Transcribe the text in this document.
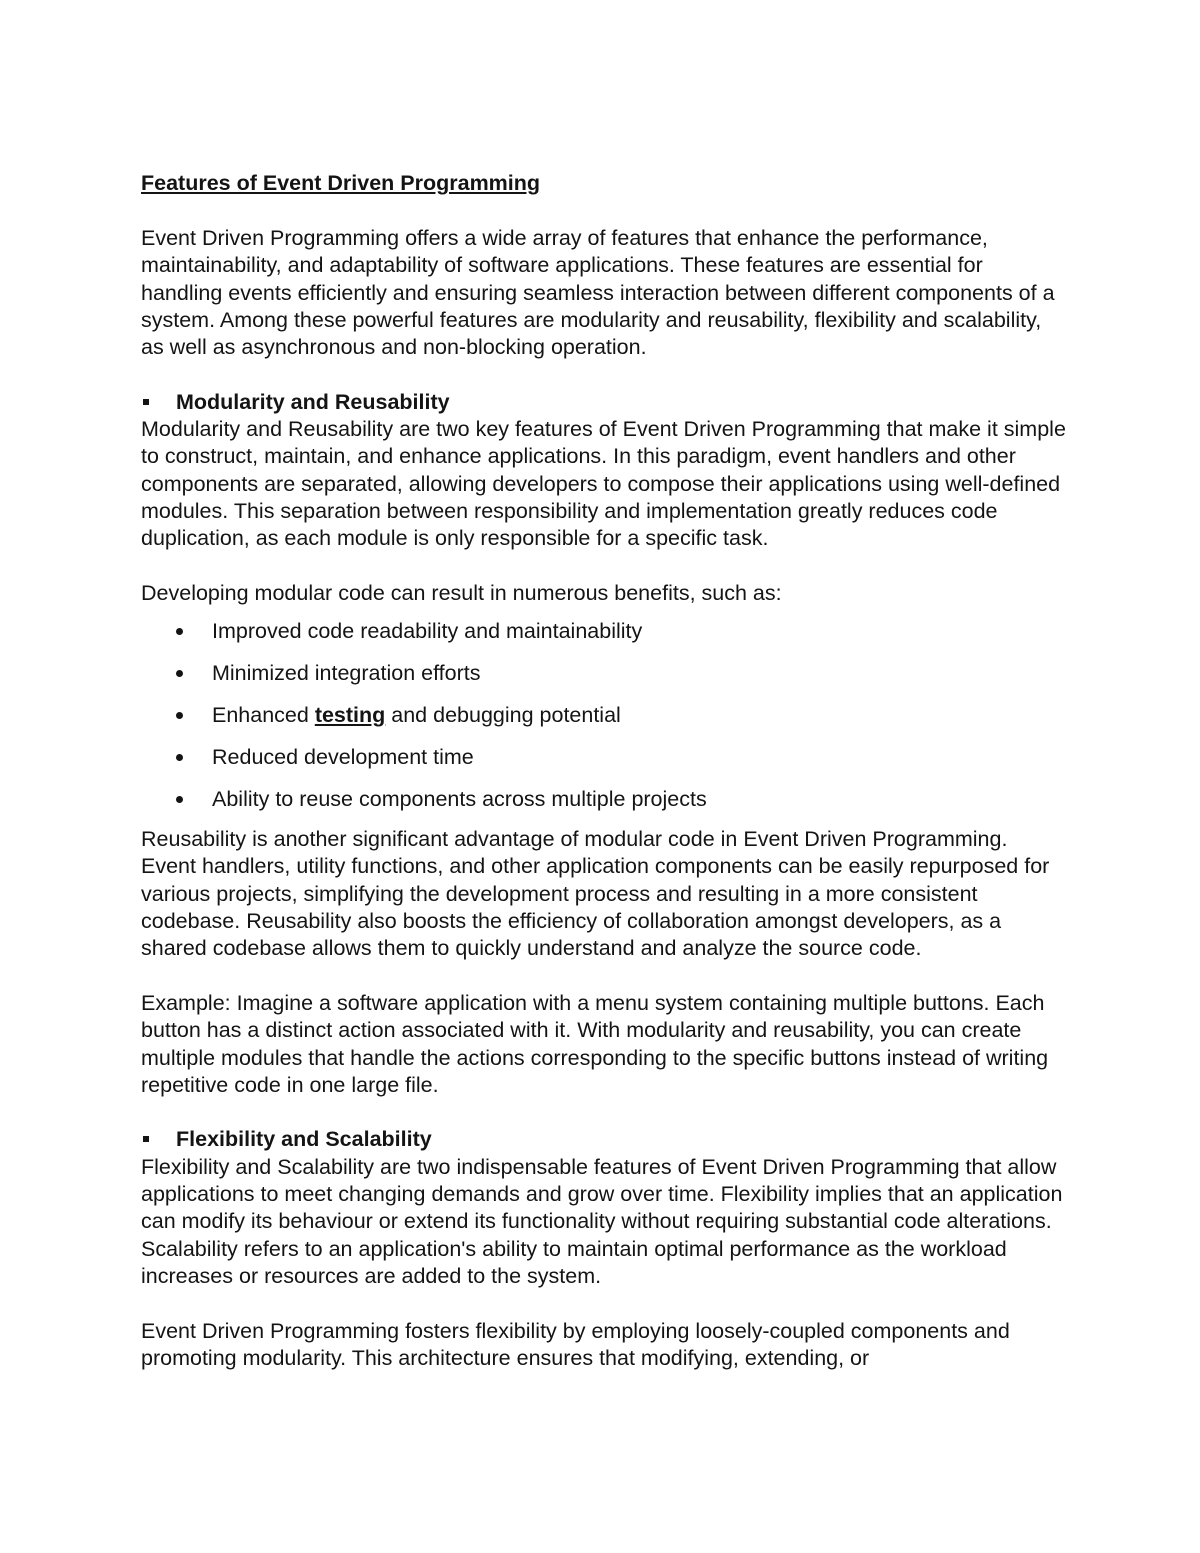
Features of Event Driven Programming

Event Driven Programming offers a wide array of features that enhance the performance, maintainability, and adaptability of software applications. These features are essential for handling events efficiently and ensuring seamless interaction between different components of a system. Among these powerful features are modularity and reusability, flexibility and scalability, as well as asynchronous and non-blocking operation.

Modularity and Reusability

Modularity and Reusability are two key features of Event Driven Programming that make it simple to construct, maintain, and enhance applications. In this paradigm, event handlers and other components are separated, allowing developers to compose their applications using well-defined modules. This separation between responsibility and implementation greatly reduces code duplication, as each module is only responsible for a specific task.

Developing modular code can result in numerous benefits, such as:

Improved code readability and maintainability
Minimized integration efforts
Enhanced testing and debugging potential
Reduced development time
Ability to reuse components across multiple projects

Reusability is another significant advantage of modular code in Event Driven Programming. Event handlers, utility functions, and other application components can be easily repurposed for various projects, simplifying the development process and resulting in a more consistent codebase. Reusability also boosts the efficiency of collaboration amongst developers, as a shared codebase allows them to quickly understand and analyze the source code.

Example: Imagine a software application with a menu system containing multiple buttons. Each button has a distinct action associated with it. With modularity and reusability, you can create multiple modules that handle the actions corresponding to the specific buttons instead of writing repetitive code in one large file.

Flexibility and Scalability

Flexibility and Scalability are two indispensable features of Event Driven Programming that allow applications to meet changing demands and grow over time. Flexibility implies that an application can modify its behaviour or extend its functionality without requiring substantial code alterations. Scalability refers to an application's ability to maintain optimal performance as the workload increases or resources are added to the system.

Event Driven Programming fosters flexibility by employing loosely-coupled components and promoting modularity. This architecture ensures that modifying, extending, or
